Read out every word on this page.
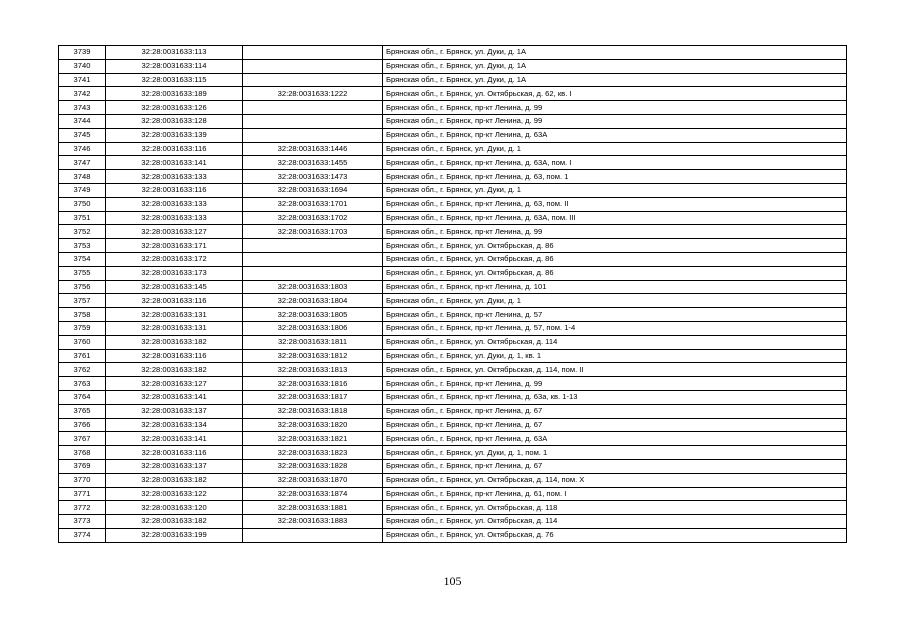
3739	32:28:0031633:113		Брянская обл., г. Брянск, ул. Дуки, д. 1А
3740	32:28:0031633:114		Брянская обл., г. Брянск, ул. Дуки, д. 1А
3741	32:28:0031633:115		Брянская обл., г. Брянск, ул. Дуки, д. 1А
3742	32:28:0031633:189	32:28:0031633:1222	Брянская обл., г. Брянск, ул. Октябрьская, д. 62, кв. I
3743	32:28:0031633:126		Брянская обл., г. Брянск, пр-кт Ленина, д. 99
3744	32:28:0031633:128		Брянская обл., г. Брянск, пр-кт Ленина, д. 99
3745	32:28:0031633:139		Брянская обл., г. Брянск, пр-кт Ленина, д. 63А
3746	32:28:0031633:116	32:28:0031633:1446	Брянская обл., г. Брянск, ул. Дуки, д. 1
3747	32:28:0031633:141	32:28:0031633:1455	Брянская обл., г. Брянск, пр-кт Ленина, д. 63А, пом. I
3748	32:28:0031633:133	32:28:0031633:1473	Брянская обл., г. Брянск, пр-кт Ленина, д. 63, пом. 1
3749	32:28:0031633:116	32:28:0031633:1694	Брянская обл., г. Брянск, ул. Дуки, д. 1
3750	32:28:0031633:133	32:28:0031633:1701	Брянская обл., г. Брянск, пр-кт Ленина, д. 63, пом. II
3751	32:28:0031633:133	32:28:0031633:1702	Брянская обл., г. Брянск, пр-кт Ленина, д. 63А, пом. III
3752	32:28:0031633:127	32:28:0031633:1703	Брянская обл., г. Брянск, пр-кт Ленина, д. 99
3753	32:28:0031633:171		Брянская обл., г. Брянск, ул. Октябрьская, д. 86
3754	32:28:0031633:172		Брянская обл., г. Брянск, ул. Октябрьская, д. 86
3755	32:28:0031633:173		Брянская обл., г. Брянск, ул. Октябрьская, д. 86
3756	32:28:0031633:145	32:28:0031633:1803	Брянская обл., г. Брянск, пр-кт Ленина, д. 101
3757	32:28:0031633:116	32:28:0031633:1804	Брянская обл., г. Брянск, ул. Дуки, д. 1
3758	32:28:0031633:131	32:28:0031633:1805	Брянская обл., г. Брянск, пр-кт Ленина, д. 57
3759	32:28:0031633:131	32:28:0031633:1806	Брянская обл., г. Брянск, пр-кт Ленина, д. 57, пом. 1-4
3760	32:28:0031633:182	32:28:0031633:1811	Брянская обл., г. Брянск, ул. Октябрьская, д. 114
3761	32:28:0031633:116	32:28:0031633:1812	Брянская обл., г. Брянск, ул. Дуки, д. 1, кв. 1
3762	32:28:0031633:182	32:28:0031633:1813	Брянская обл., г. Брянск, ул. Октябрьская, д. 114, пом. II
3763	32:28:0031633:127	32:28:0031633:1816	Брянская обл., г. Брянск, пр-кт Ленина, д. 99
3764	32:28:0031633:141	32:28:0031633:1817	Брянская обл., г. Брянск, пр-кт Ленина, д. 63а, кв. 1-13
3765	32:28:0031633:137	32:28:0031633:1818	Брянская обл., г. Брянск, пр-кт Ленина, д. 67
3766	32:28:0031633:134	32:28:0031633:1820	Брянская обл., г. Брянск, пр-кт Ленина, д. 67
3767	32:28:0031633:141	32:28:0031633:1821	Брянская обл., г. Брянск, пр-кт Ленина, д. 63А
3768	32:28:0031633:116	32:28:0031633:1823	Брянская обл., г. Брянск, ул. Дуки, д. 1, пом. 1
3769	32:28:0031633:137	32:28:0031633:1828	Брянская обл., г. Брянск, пр-кт Ленина, д. 67
3770	32:28:0031633:182	32:28:0031633:1870	Брянская обл., г. Брянск, ул. Октябрьская, д. 114, пом. X
3771	32:28:0031633:122	32:28:0031633:1874	Брянская обл., г. Брянск, пр-кт Ленина, д. 61, пом. I
3772	32:28:0031633:120	32:28:0031633:1881	Брянская обл., г. Брянск, ул. Октябрьская, д. 118
3773	32:28:0031633:182	32:28:0031633:1883	Брянская обл., г. Брянск, ул. Октябрьская, д. 114
3774	32:28:0031633:199		Брянская обл., г. Брянск, ул. Октябрьская, д. 76
105
